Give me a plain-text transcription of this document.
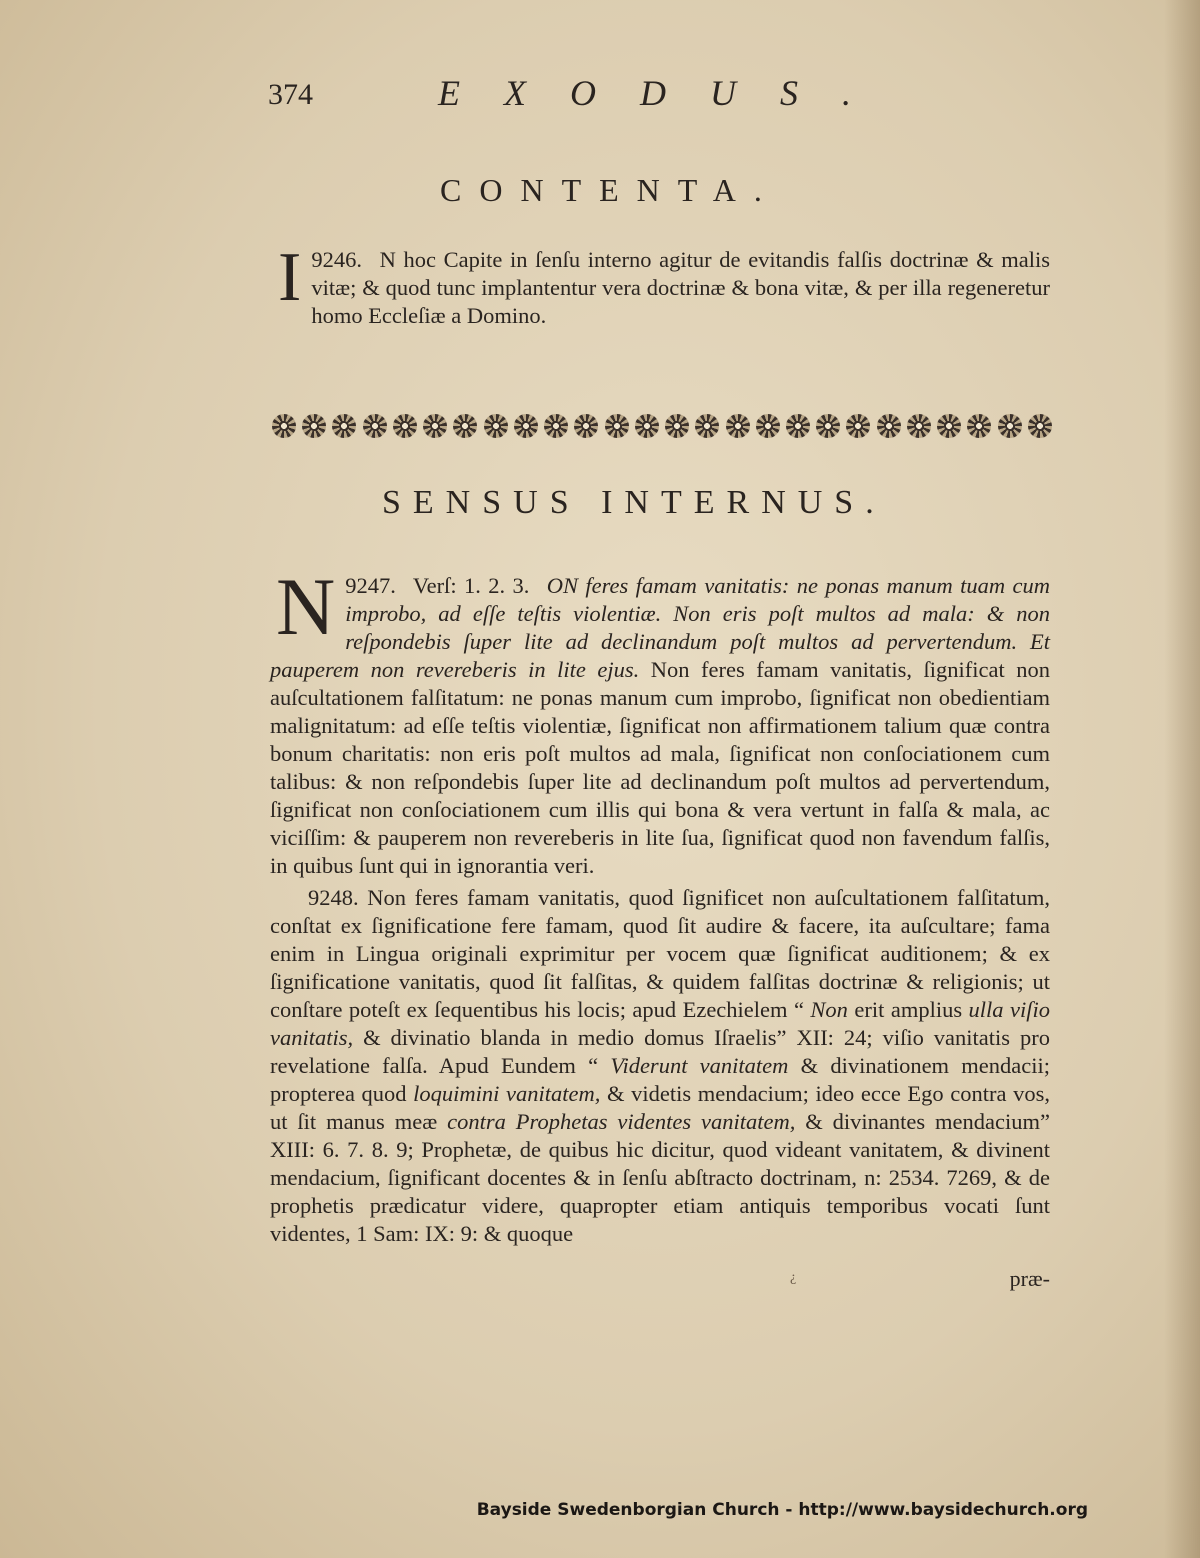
374	EXODUS.
CONTENTA.
9246.
I	N hoc Capite in ſenſu interno agitur de evitandis falſis doctrinæ & malis vitæ; & quod tunc implantentur vera doctrinæ & bona vitæ, & per illa regeneretur homo Eccleſiæ a Domino.
SENSUS INTERNUS.
9247. Verſ: 1. 2. 3.
N	ON feres famam vanitatis: ne ponas manum tuam cum improbo, ad eſſe teſtis violentiæ. Non eris poſt multos ad mala: & non reſpondebis ſuper lite ad declinandum poſt multos ad pervertendum. Et pauperem non revereberis in lite ejus. Non feres famam vanitatis, ſignificat non auſcultationem falſitatum: ne ponas manum cum improbo, ſignificat non obedientiam malignitatum: ad eſſe teſtis violentiæ, ſignificat non affirmationem talium quæ contra bonum charitatis: non eris poſt multos ad mala, ſignificat non conſociationem cum talibus: & non reſpondebis ſuper lite ad declinandum poſt multos ad pervertendum, ſignificat non conſociationem cum illis qui bona & vera vertunt in falſa & mala, ac viciſſim: & pauperem non revereberis in lite ſua, ſignificat quod non favendum falſis, in quibus ſunt qui in ignorantia veri.
9248. Non feres famam vanitatis, quod ſignificet non auſcultationem falſitatum, conſtat ex ſignificatione fere famam, quod ſit audire & facere, ita auſcultare; fama enim in Lingua originali exprimitur per vocem quæ ſignificat auditionem; & ex ſignificatione vanitatis, quod ſit falſitas, & quidem falſitas doctrinæ & religionis; ut conſtare poteſt ex ſequentibus his locis; apud Ezechielem “ Non erit amplius ulla viſio vanitatis, & divinatio blanda in medio domus Iſraelis” XII: 24; viſio vanitatis pro revelatione falſa. Apud Eundem “ Viderunt vanitatem & divinationem mendacii; propterea quod loquimini vanitatem, & videtis mendacium; ideo ecce Ego contra vos, ut ſit manus meæ contra Prophetas videntes vanitatem, & divinantes mendacium” XIII: 6. 7. 8. 9; Prophetæ, de quibus hic dicitur, quod videant vanitatem, & divinent mendacium, ſignificant docentes & in ſenſu abſtracto doctrinam, n: 2534. 7269, & de prophetis prædicatur videre, quapropter etiam antiquis temporibus vocati ſunt videntes, 1 Sam: IX: 9: & quoque
¿	præ-
Bayside Swedenborgian Church - http://www.baysidechurch.org
